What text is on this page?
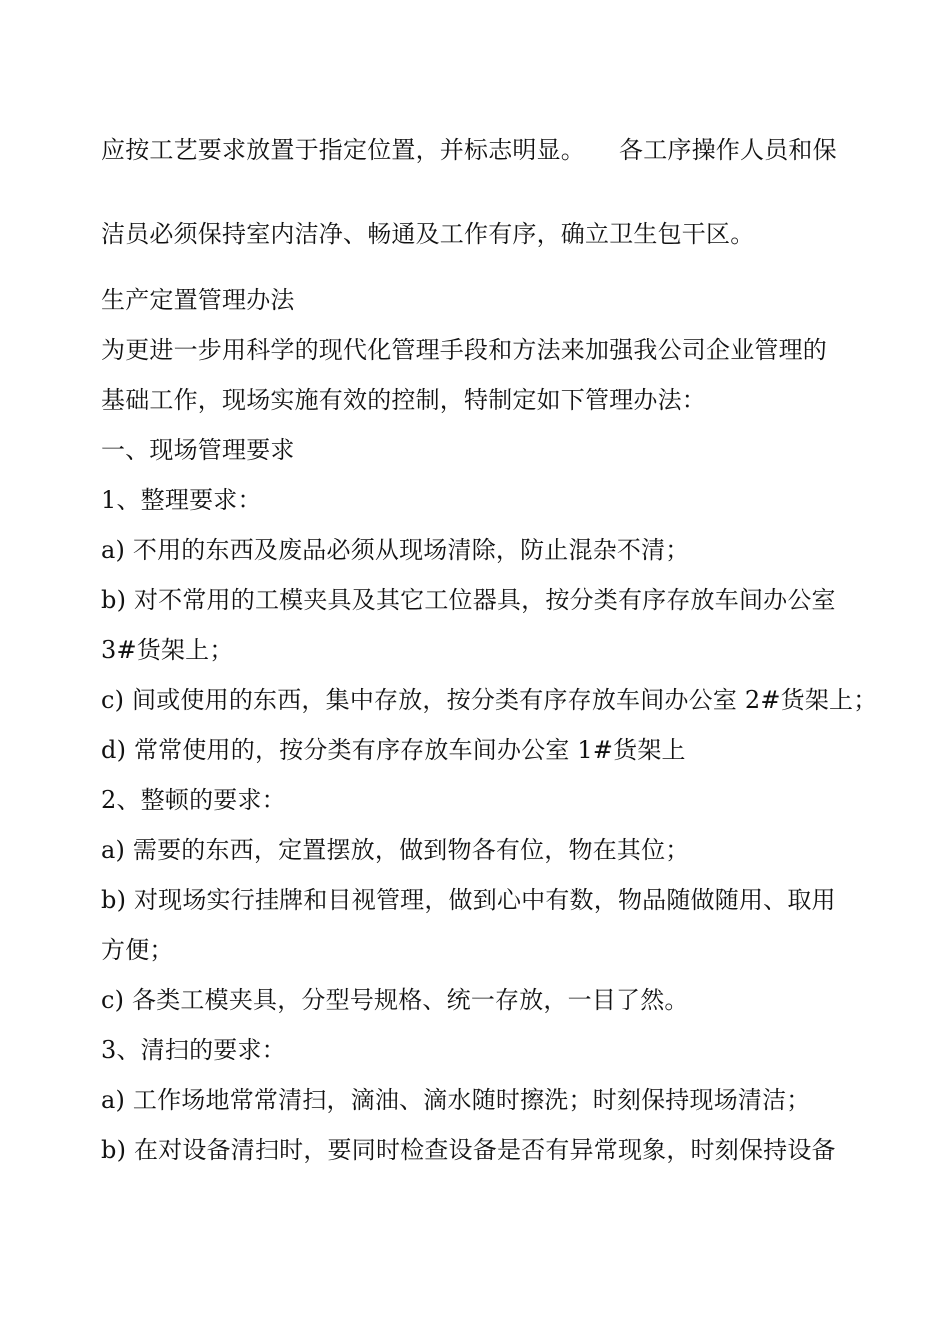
应按工艺要求放置于指定位置，并标志明显。 各工序操作人员和保
洁员必须保持室内洁净、畅通及工作有序，确立卫生包干区。
生产定置管理办法
为更进一步用科学的现代化管理手段和方法来加强我公司企业管理的
基础工作，现场实施有效的控制，特制定如下管理办法：
一、现场管理要求
1、整理要求：
a) 不用的东西及废品必须从现场清除，防止混杂不清；
b) 对不常用的工模夹具及其它工位器具，按分类有序存放车间办公室
3#货架上；
c) 间或使用的东西，集中存放，按分类有序存放车间办公室 2#货架上；
d) 常常使用的，按分类有序存放车间办公室 1#货架上
2、整顿的要求：
a) 需要的东西，定置摆放，做到物各有位，物在其位；
b) 对现场实行挂牌和目视管理，做到心中有数，物品随做随用、取用
方便；
c) 各类工模夹具，分型号规格、统一存放，一目了然。
3、清扫的要求：
a) 工作场地常常清扫，滴油、滴水随时擦洗；时刻保持现场清洁；
b) 在对设备清扫时，要同时检查设备是否有异常现象，时刻保持设备
